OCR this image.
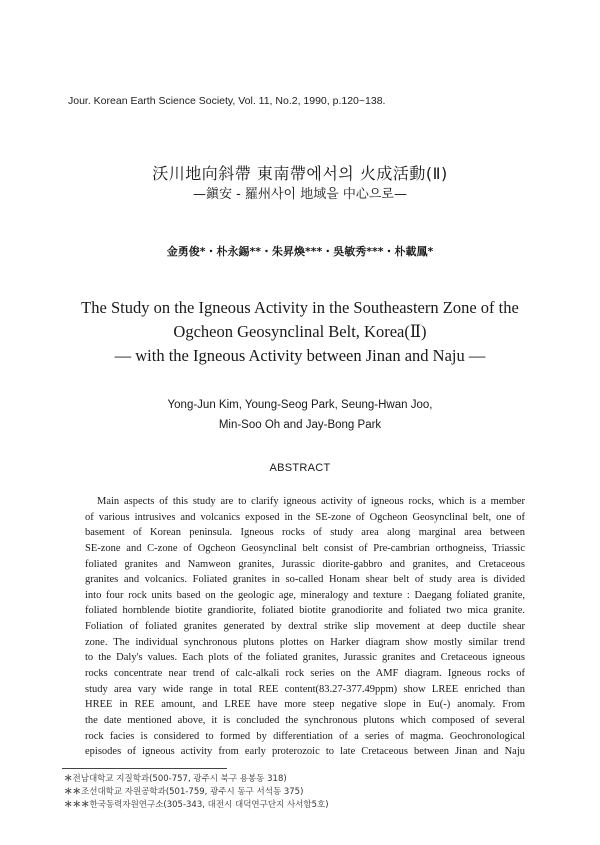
Jour. Korean Earth Science Society, Vol. 11, No.2, 1990, p.120~138.
沃川地向斜帶 東南帶에서의 火成活動(Ⅱ)
—鎭安 - 羅州사이 地域을 中心으로—
金勇俊*・朴永錫**・朱昇煥***・吳敏秀***・朴載鳳*
The Study on the Igneous Activity in the Southeastern Zone of the
Ogcheon Geosynclinal Belt, Korea(Ⅱ)
— with the Igneous Activity between Jinan and Naju —
Yong-Jun Kim, Young-Seog Park, Seung-Hwan Joo,
Min-Soo Oh and Jay-Bong Park
ABSTRACT
Main aspects of this study are to clarify igneous activity of igneous rocks, which is a member
of various intrusives and volcanics exposed in the SE-zone of Ogcheon Geosynclinal belt, one of
basement of Korean peninsula. Igneous rocks of study area along marginal area between
SE-zone and C-zone of Ogcheon Geosynclinal belt consist of Pre-cambrian orthogneiss, Triassic
foliated granites and Namweon granites, Jurassic diorite-gabbro and granites, and Cretaceous
granites and volcanics. Foliated granites in so-called Honam shear belt of study area is divided
into four rock units based on the geologic age, mineralogy and texture : Daegang foliated granite,
foliated hornblende biotite grandiorite, foliated biotite granodiorite and foliated two mica granite.
Foliation of foliated granites generated by dextral strike slip movement at deep ductile shear
zone. The individual synchronous plutons plottes on Harker diagram show mostly similar trend
to the Daly's values. Each plots of the foliated granites, Jurassic granites and Cretaceous igneous
rocks concentrate near trend of calc-alkali rock series on the AMF diagram. Igneous rocks of
study area vary wide range in total REE content(83.27-377.49ppm) show LREE enriched than
HREE in REE amount, and LREE have more steep negative slope in Eu(-) anomaly. From
the date mentioned above, it is concluded the synchronous plutons which composed of several
rock facies is considered to formed by differentiation of a series of magma. Geochronological
episodes of igneous activity from early proterozoic to late Cretaceous between Jinan and Naju
＊전남대학교 지질학과(500-757, 광주시 북구 용봉동 318)
＊＊조선대학교 자원공학과(501-759, 광주시 동구 서석동 375)
＊＊＊한국동력자원연구소(305-343, 대전시 대덕연구단지 사서함5호)
